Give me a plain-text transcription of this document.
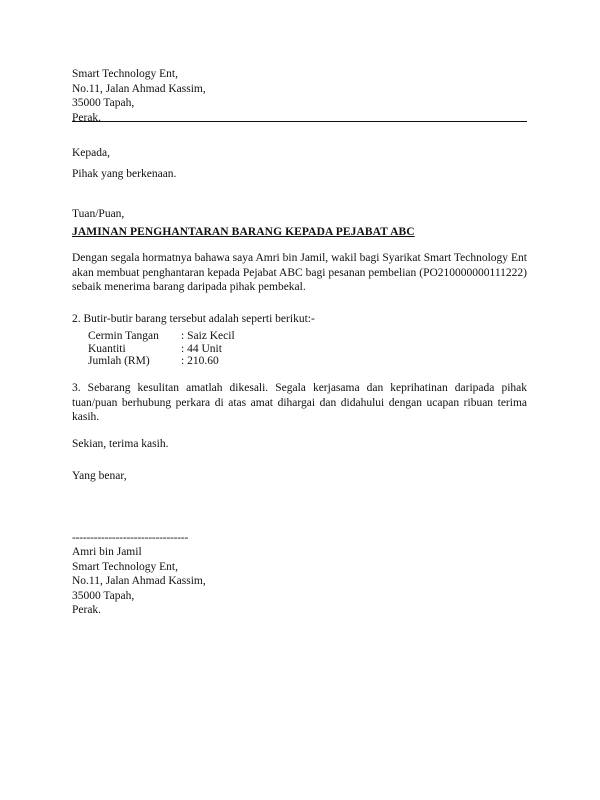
Smart Technology Ent,
No.11, Jalan Ahmad Kassim,
35000 Tapah,
Perak.
Kepada,
Pihak yang berkenaan.
Tuan/Puan,
JAMINAN PENGHANTARAN BARANG KEPADA PEJABAT ABC
Dengan segala hormatnya bahawa saya Amri bin Jamil, wakil bagi Syarikat Smart Technology Ent akan membuat penghantaran kepada Pejabat ABC bagi pesanan pembelian (PO210000000111222) sebaik menerima barang daripada pihak pembekal.
2. Butir-butir barang tersebut adalah seperti berikut:-
Cermin Tangan	: Saiz Kecil
Kuantiti	: 44 Unit
Jumlah (RM)	: 210.60
3. Sebarang kesulitan amatlah dikesali. Segala kerjasama dan keprihatinan daripada pihak tuan/puan berhubung perkara di atas amat dihargai dan didahului dengan ucapan ribuan terima kasih.
Sekian, terima kasih.
Yang benar,
--------------------------------
Amri bin Jamil
Smart Technology Ent,
No.11, Jalan Ahmad Kassim,
35000 Tapah,
Perak.
